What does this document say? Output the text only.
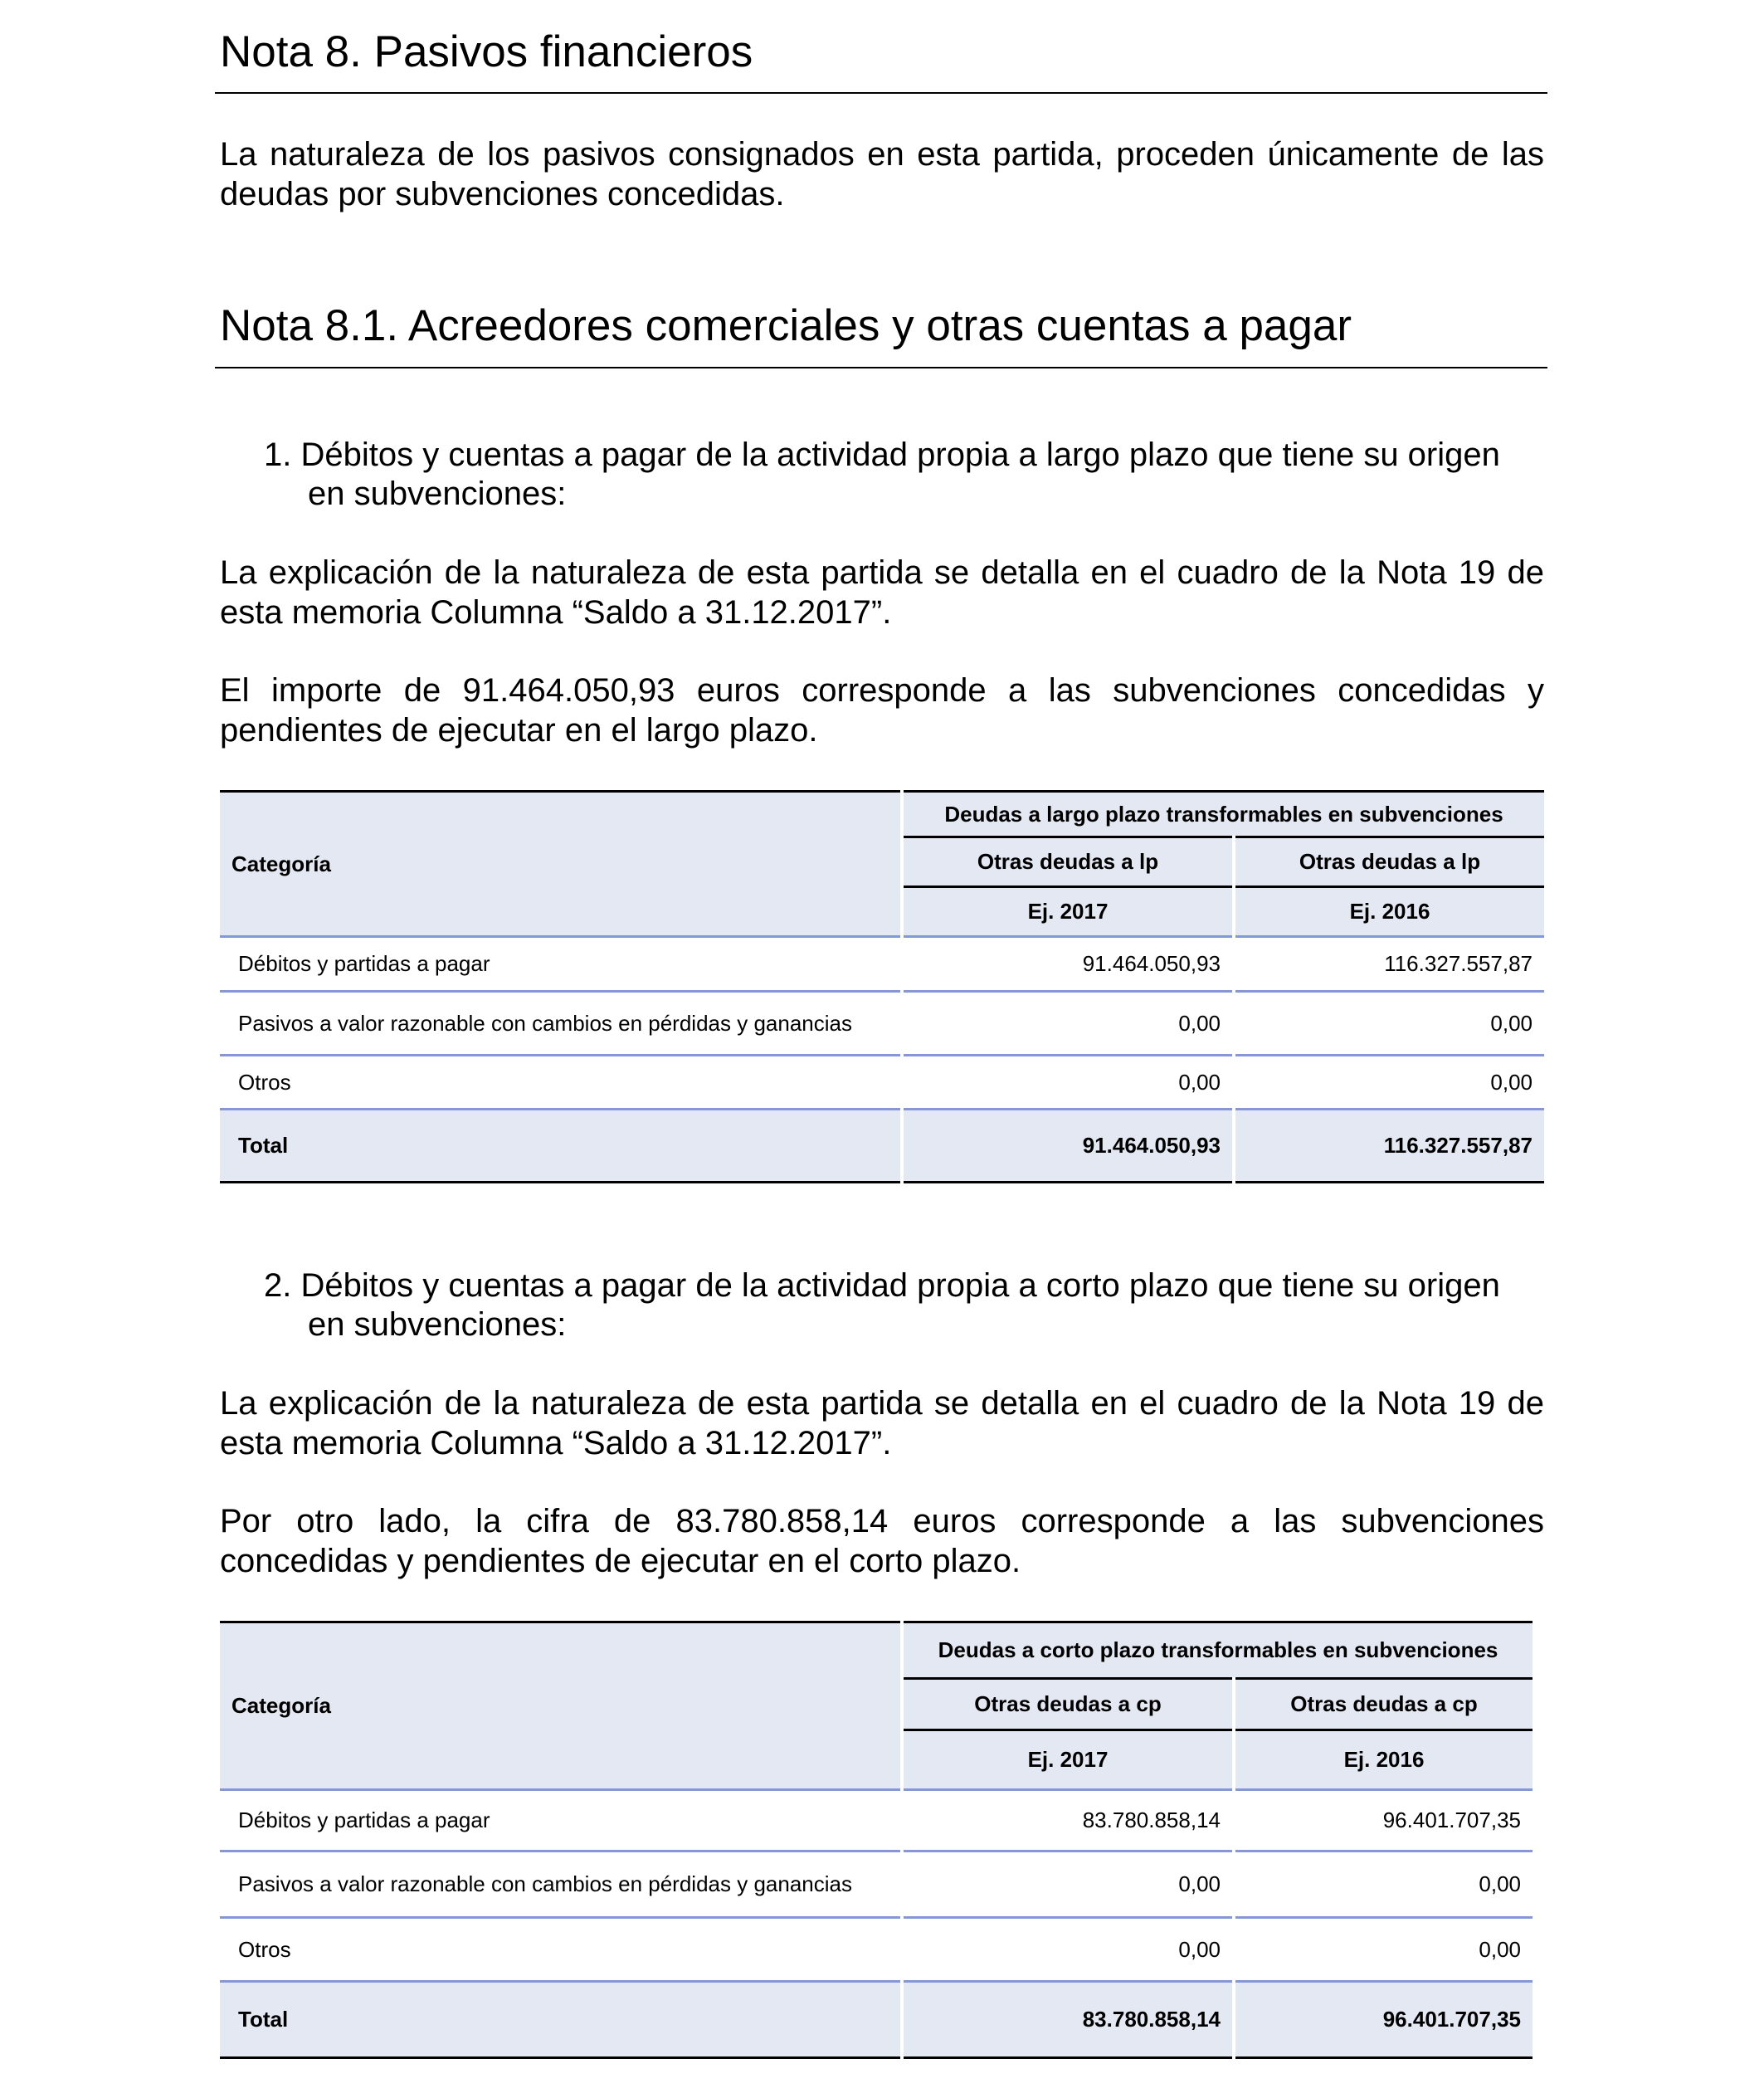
Nota 8. Pasivos financieros

La naturaleza de los pasivos consignados en esta partida, proceden únicamente de las deudas por subvenciones concedidas.

Nota 8.1. Acreedores comerciales y otras cuentas a pagar
1. Débitos y cuentas a pagar de la actividad propia a largo plazo que tiene su origen
en subvenciones:

La explicación de la naturaleza de esta partida se detalla en el cuadro de la Nota 19 de esta memoria Columna “Saldo a 31.12.2017”.

El importe de 91.464.050,93 euros corresponde a las subvenciones concedidas y pendientes de ejecutar en el largo plazo.

Categoría	Deudas a largo plazo transformables en subvenciones	
	Otras deudas a lp	Otras deudas a lp
	Ej. 2017	Ej. 2016
Débitos y partidas a pagar	91.464.050,93	116.327.557,87
Pasivos a valor razonable con cambios en pérdidas y ganancias	0,00	0,00
Otros	0,00	0,00
Total	91.464.050,93	116.327.557,87
2. Débitos y cuentas a pagar de la actividad propia a corto plazo que tiene su origen
en subvenciones:

La explicación de la naturaleza de esta partida se detalla en el cuadro de la Nota 19 de esta memoria Columna “Saldo a 31.12.2017”.

Por otro lado, la cifra de 83.780.858,14 euros corresponde a las subvenciones concedidas y pendientes de ejecutar en el corto plazo.

Categoría	Deudas a corto plazo transformables en subvenciones	
	Otras deudas a cp	Otras deudas a cp
	Ej. 2017	Ej. 2016
Débitos y partidas a pagar	83.780.858,14	96.401.707,35
Pasivos a valor razonable con cambios en pérdidas y ganancias	0,00	0,00
Otros	0,00	0,00
Total	83.780.858,14	96.401.707,35
